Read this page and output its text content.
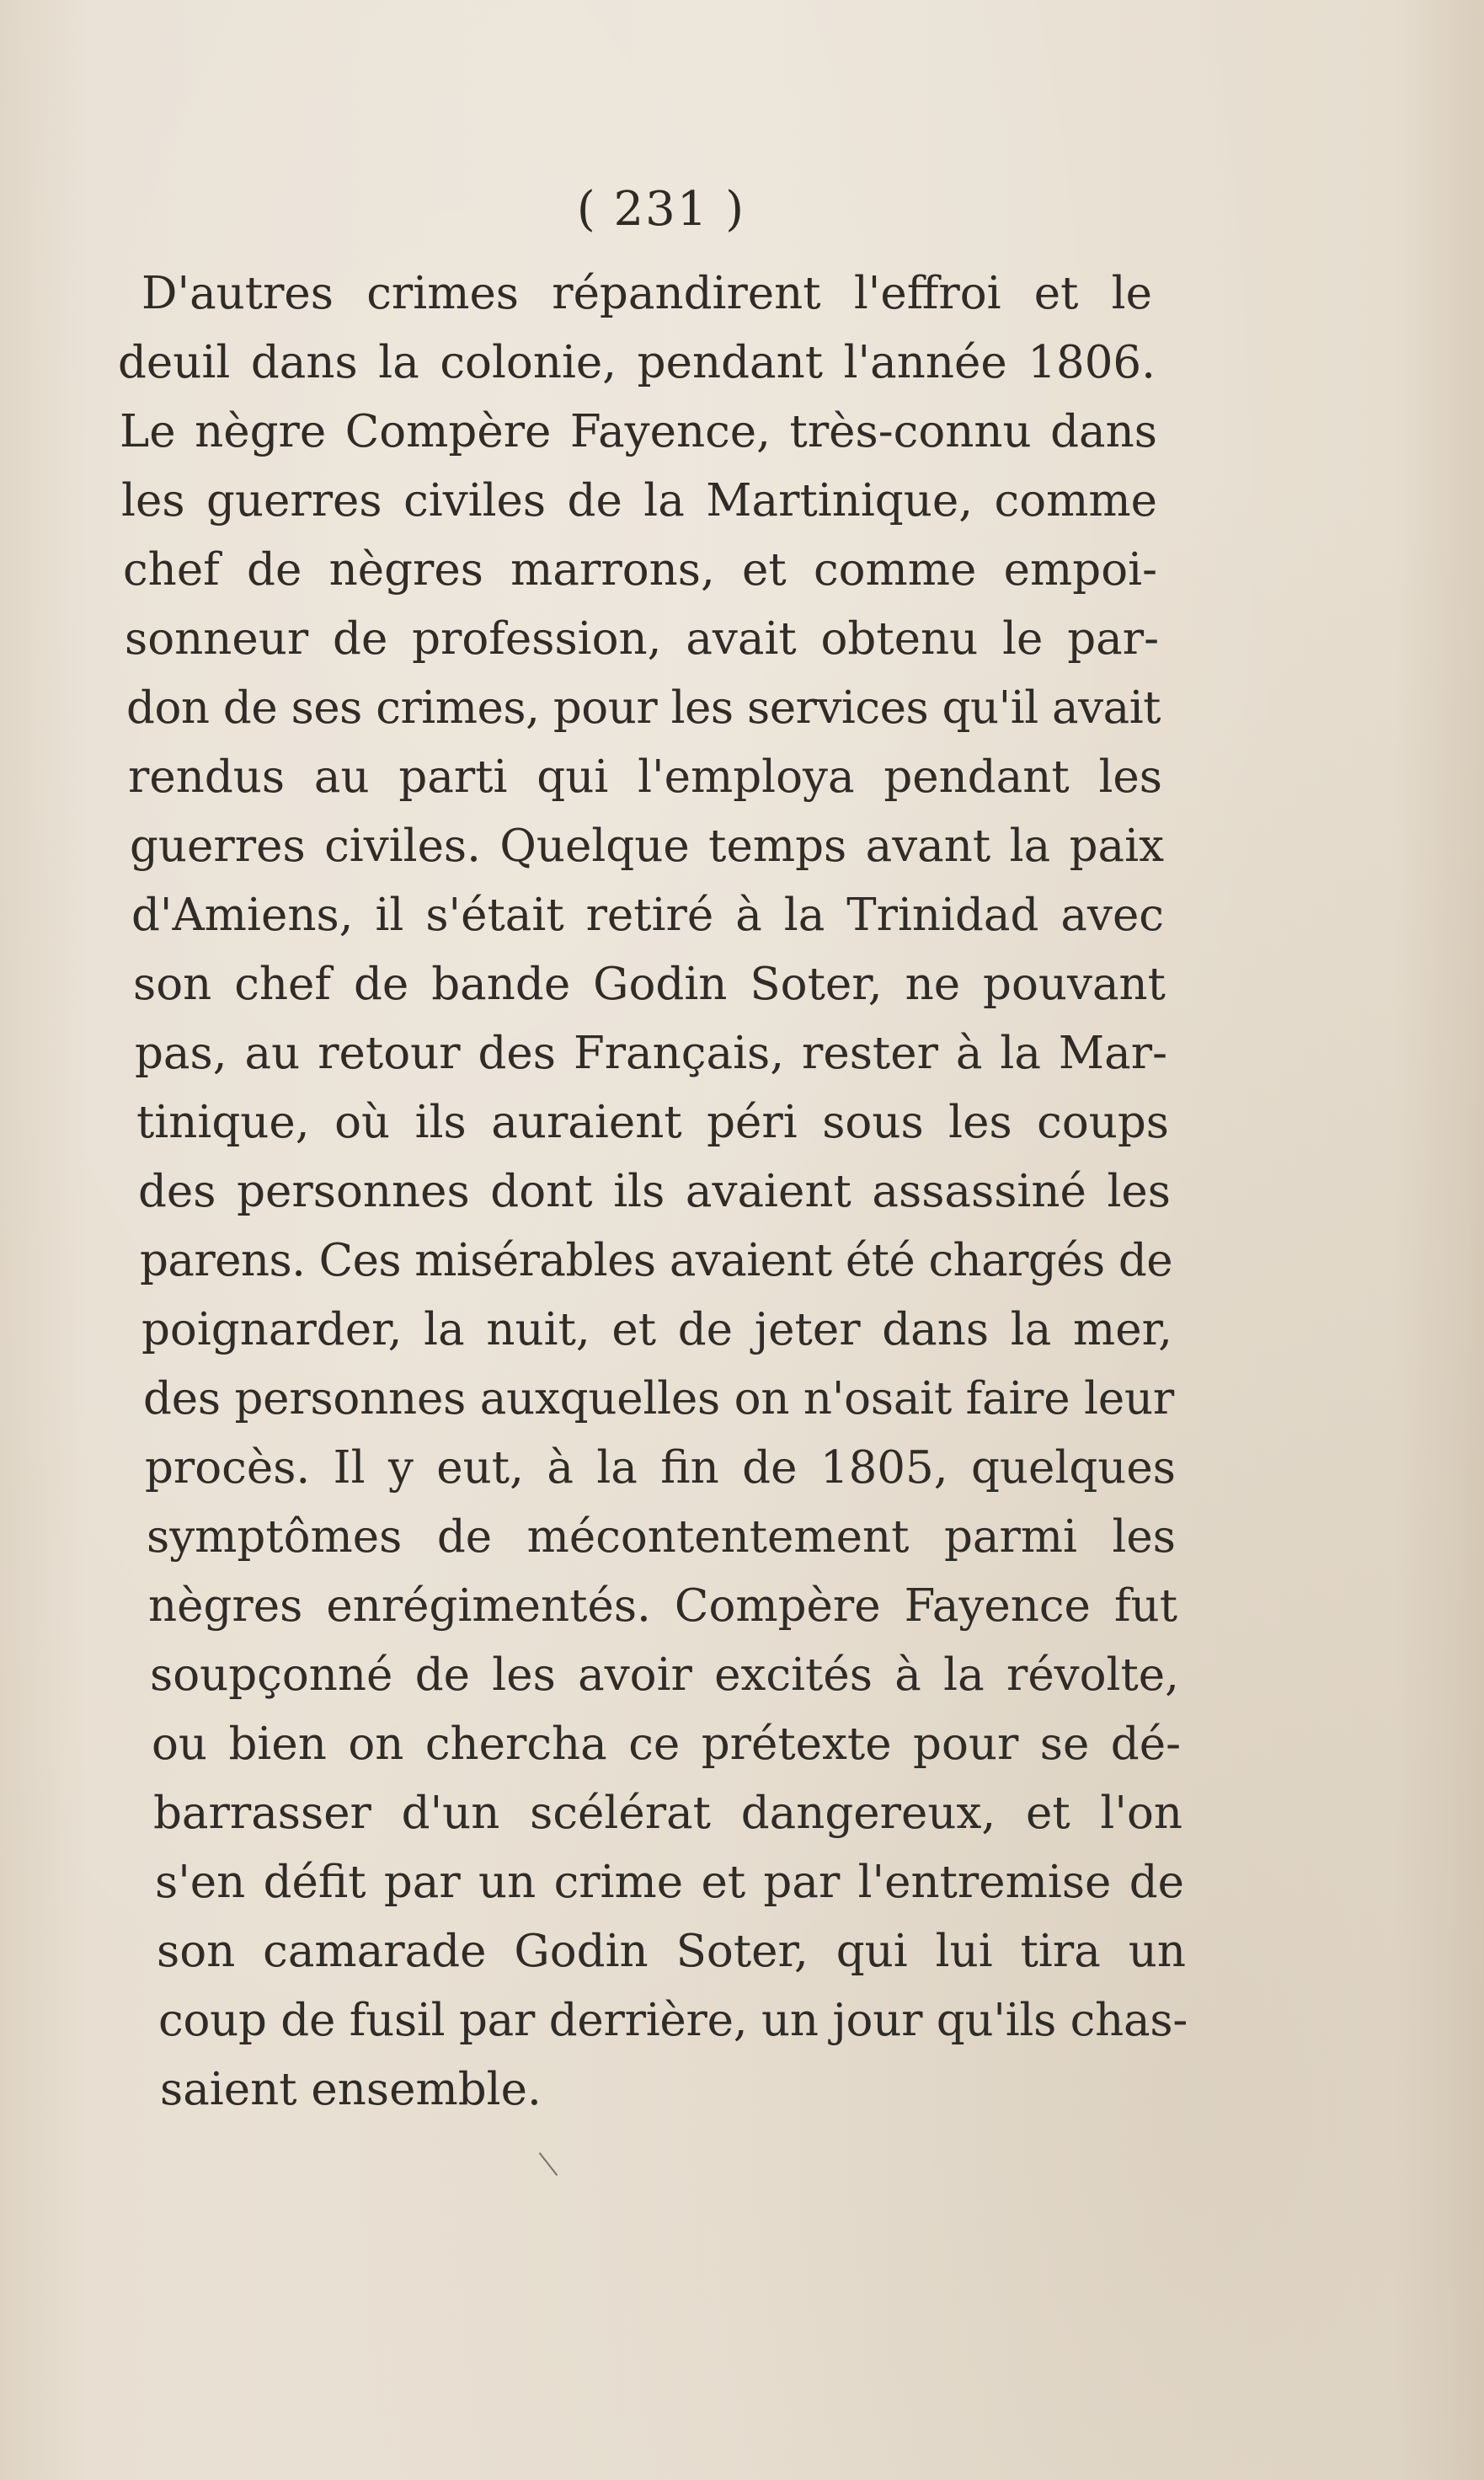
( 231 )
D'autres crimes répandirent l'effroi et le
deuil dans la colonie, pendant l'année 1806.
Le nègre Compère Fayence, très-connu dans
les guerres civiles de la Martinique, comme
chef de nègres marrons, et comme empoi-
sonneur de profession, avait obtenu le par-
don de ses crimes, pour les services qu'il avait
rendus au parti qui l'employa pendant les
guerres civiles. Quelque temps avant la paix
d'Amiens, il s'était retiré à la Trinidad avec
son chef de bande Godin Soter, ne pouvant
pas, au retour des Français, rester à la Mar-
tinique, où ils auraient péri sous les coups
des personnes dont ils avaient assassiné les
parens. Ces misérables avaient été chargés de
poignarder, la nuit, et de jeter dans la mer,
des personnes auxquelles on n'osait faire leur
procès. Il y eut, à la fin de 1805, quelques
symptômes de mécontentement parmi les
nègres enrégimentés. Compère Fayence fut
soupçonné de les avoir excités à la révolte,
ou bien on chercha ce prétexte pour se dé-
barrasser d'un scélérat dangereux, et l'on
s'en défit par un crime et par l'entremise de
son camarade Godin Soter, qui lui tira un
coup de fusil par derrière, un jour qu'ils chas-
saient ensemble.
